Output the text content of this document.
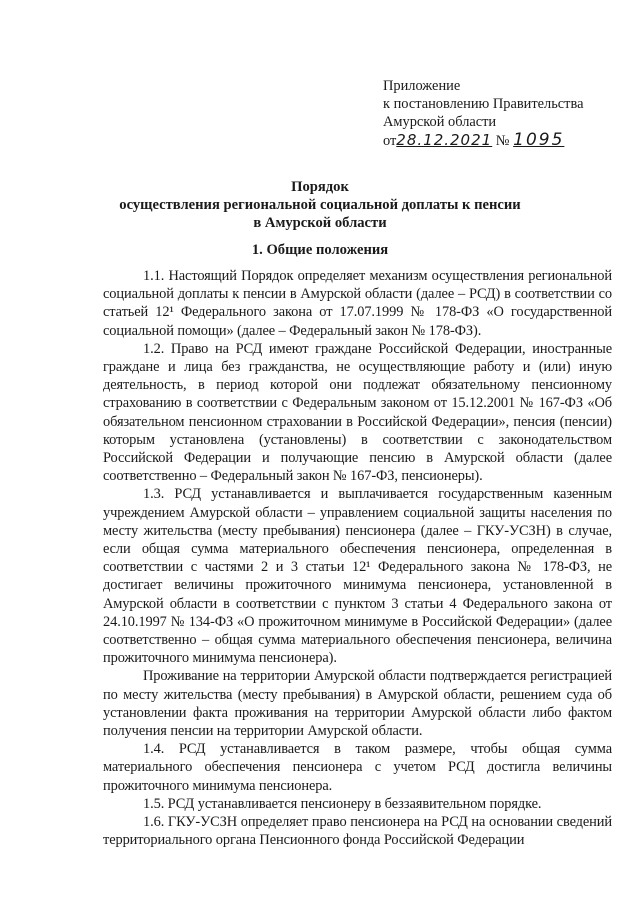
Приложение
к постановлению Правительства
Амурской области
от28.12.2021 № 1095
Порядок
осуществления региональной социальной доплаты к пенсии
в Амурской области
1. Общие положения

1.1. Настоящий Порядок определяет механизм осуществления региональной социальной доплаты к пенсии в Амурской области (далее – РСД) в соответствии со статьей 12¹ Федерального закона от 17.07.1999 № 178-ФЗ «О государственной социальной помощи» (далее – Федеральный закон № 178-ФЗ).

1.2. Право на РСД имеют граждане Российской Федерации, иностранные граждане и лица без гражданства, не осуществляющие работу и (или) иную деятельность, в период которой они подлежат обязательному пенсионному страхованию в соответствии с Федеральным законом от 15.12.2001 № 167-ФЗ «Об обязательном пенсионном страховании в Российской Федерации», пенсия (пенсии) которым установлена (установлены) в соответствии с законодательством Российской Федерации и получающие пенсию в Амурской области (далее соответственно – Федеральный закон № 167-ФЗ, пенсионеры).

1.3. РСД устанавливается и выплачивается государственным казенным учреждением Амурской области – управлением социальной защиты населения по месту жительства (месту пребывания) пенсионера (далее – ГКУ-УСЗН) в случае, если общая сумма материального обеспечения пенсионера, определенная в соответствии с частями 2 и 3 статьи 12¹ Федерального закона № 178-ФЗ, не достигает величины прожиточного минимума пенсионера, установленной в Амурской области в соответствии с пунктом 3 статьи 4 Федерального закона от 24.10.1997 № 134-ФЗ «О прожиточном минимуме в Российской Федерации» (далее соответственно – общая сумма материального обеспечения пенсионера, величина прожиточного минимума пенсионера).

Проживание на территории Амурской области подтверждается регистрацией по месту жительства (месту пребывания) в Амурской области, решением суда об установлении факта проживания на территории Амурской области либо фактом получения пенсии на территории Амурской области.

1.4. РСД устанавливается в таком размере, чтобы общая сумма материального обеспечения пенсионера с учетом РСД достигла величины прожиточного минимума пенсионера.

1.5. РСД устанавливается пенсионеру в беззаявительном порядке.

1.6. ГКУ-УСЗН определяет право пенсионера на РСД на основании сведений территориального органа Пенсионного фонда Российской Федерации
